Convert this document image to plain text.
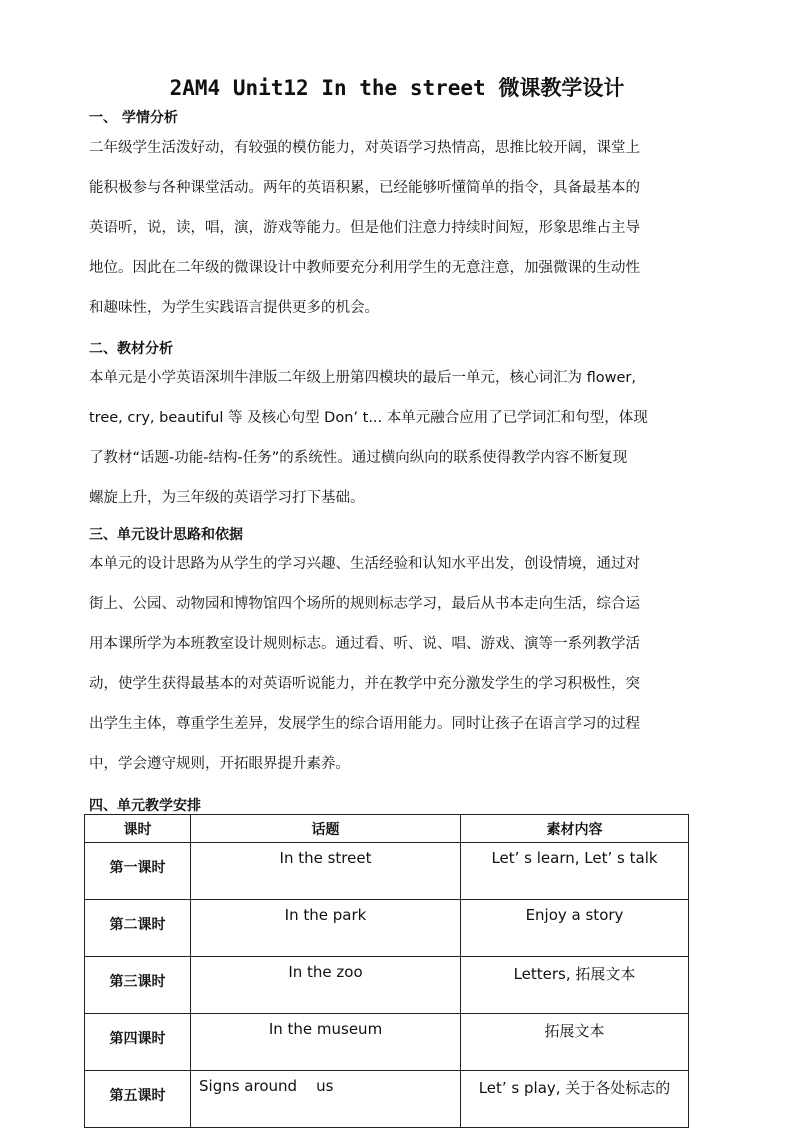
2AM4 Unit12 In the street 微课教学设计
一、 学情分析

二年级学生活泼好动，有较强的模仿能力，对英语学习热情高，思推比较开阔，课堂上
能积极参与各种课堂活动。两年的英语积累，已经能够听懂简单的指令，具备最基本的
英语听，说，读，唱，演，游戏等能力。但是他们注意力持续时间短，形象思维占主导
地位。因此在二年级的微课设计中教师要充分利用学生的无意注意，加强微课的生动性
和趣味性，为学生实践语言提供更多的机会。

二、教材分析

本单元是小学英语深圳牛津版二年级上册第四模块的最后一单元，核心词汇为 flower,
tree, cry, beautiful 等 及核心句型 Don’ t... 本单元融合应用了已学词汇和句型，体现
了教材“话题-功能-结构-任务”的系统性。通过横向纵向的联系使得教学内容不断复现
螺旋上升，为三年级的英语学习打下基础。

三、单元设计思路和依据

本单元的设计思路为从学生的学习兴趣、生活经验和认知水平出发，创设情境，通过对
街上、公园、动物园和博物馆四个场所的规则标志学习，最后从书本走向生活，综合运
用本课所学为本班教室设计规则标志。通过看、听、说、唱、游戏、演等一系列教学活
动，使学生获得最基本的对英语听说能力，并在教学中充分激发学生的学习积极性，突
出学生主体，尊重学生差异，发展学生的综合语用能力。同时让孩子在语言学习的过程
中，学会遵守规则，开拓眼界提升素养。

四、单元教学安排
课时	话题	素材内容
第一课时	In the street	Let’ s learn, Let’ s talk
第二课时	In the park	Enjoy a story
第三课时	In the zoo	Letters, 拓展文本
第四课时	In the museum	拓展文本
第五课时	Signs around    us	Let’ s play, 关于各处标志的
